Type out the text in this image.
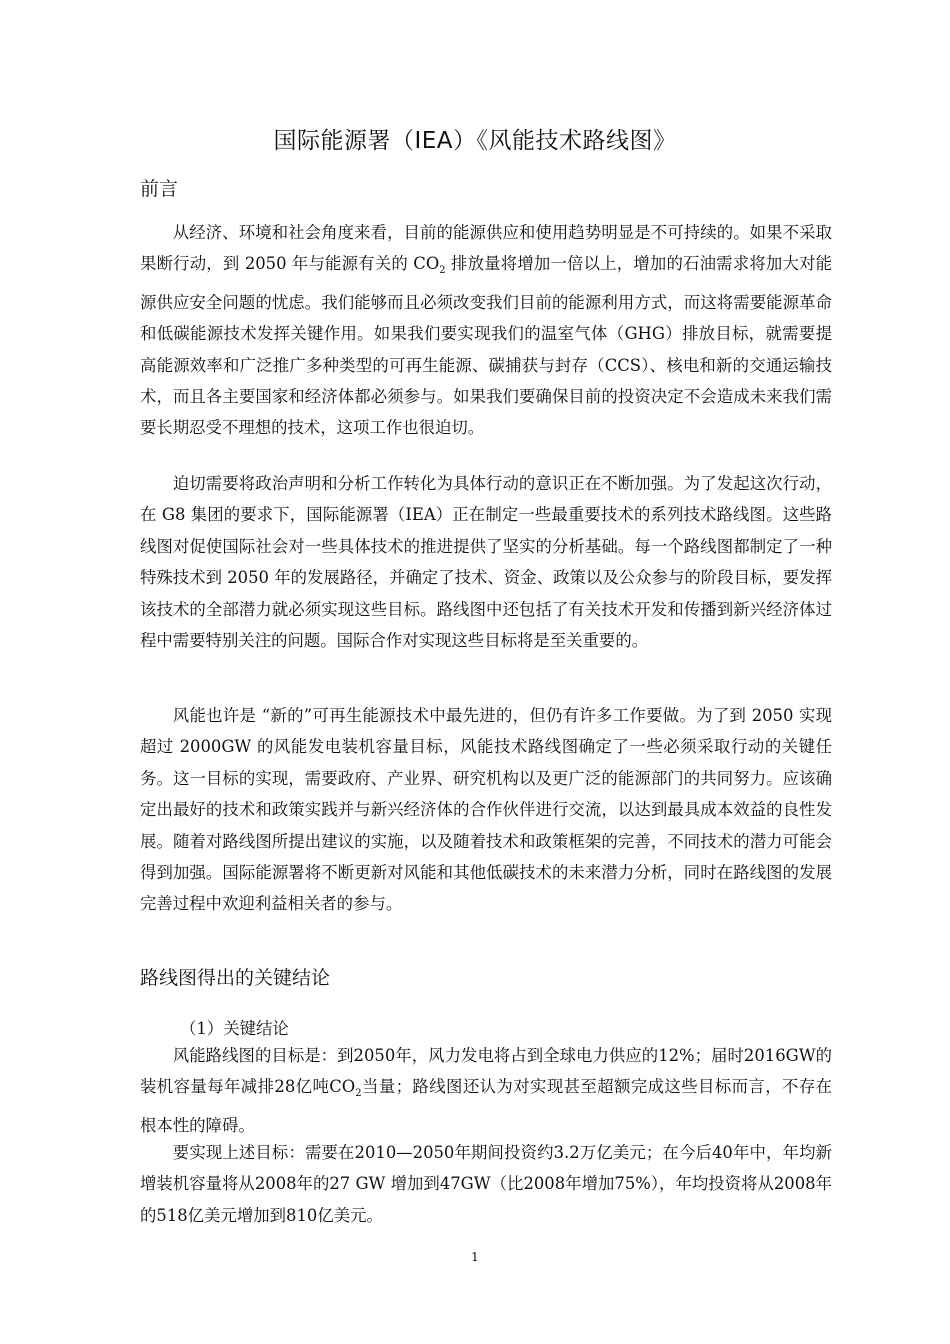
国际能源署（IEA）《风能技术路线图》
前言

从经济、环境和社会角度来看，目前的能源供应和使用趋势明显是不可持续的。如果不采取果断行动，到 2050 年与能源有关的 $CO_2$ 排放量将增加一倍以上，增加的石油需求将加大对能源供应安全问题的忧虑。我们能够而且必须改变我们目前的能源利用方式，而这将需要能源革命和低碳能源技术发挥关键作用。如果我们要实现我们的温室气体（GHG）排放目标，就需要提高能源效率和广泛推广多种类型的可再生能源、碳捕获与封存（CCS）、核电和新的交通运输技术，而且各主要国家和经济体都必须参与。如果我们要确保目前的投资决定不会造成未来我们需要长期忍受不理想的技术，这项工作也很迫切。

迫切需要将政治声明和分析工作转化为具体行动的意识正在不断加强。为了发起这次行动，在 G8 集团的要求下，国际能源署（IEA）正在制定一些最重要技术的系列技术路线图。这些路线图对促使国际社会对一些具体技术的推进提供了坚实的分析基础。每一个路线图都制定了一种特殊技术到 2050 年的发展路径，并确定了技术、资金、政策以及公众参与的阶段目标，要发挥该技术的全部潜力就必须实现这些目标。路线图中还包括了有关技术开发和传播到新兴经济体过程中需要特别关注的问题。国际合作对实现这些目标将是至关重要的。

风能也许是 “新的”可再生能源技术中最先进的，但仍有许多工作要做。为了到 2050 实现超过 2000GW 的风能发电装机容量目标，风能技术路线图确定了一些必须采取行动的关键任务。这一目标的实现，需要政府、产业界、研究机构以及更广泛的能源部门的共同努力。应该确定出最好的技术和政策实践并与新兴经济体的合作伙伴进行交流，以达到最具成本效益的良性发展。随着对路线图所提出建议的实施，以及随着技术和政策框架的完善，不同技术的潜力可能会得到加强。国际能源署将不断更新对风能和其他低碳技术的未来潜力分析，同时在路线图的发展完善过程中欢迎利益相关者的参与。

路线图得出的关键结论
（1）关键结论

风能路线图的目标是：到2050年，风力发电将占到全球电力供应的12%；届时2016GW的装机容量每年减排28亿吨$CO_2$当量；路线图还认为对实现甚至超额完成这些目标而言，不存在根本性的障碍。

要实现上述目标：需要在2010—2050年期间投资约3.2万亿美元；在今后40年中，年均新增装机容量将从2008年的27 GW 增加到47GW（比2008年增加75%），年均投资将从2008年的518亿美元增加到810亿美元。

1
